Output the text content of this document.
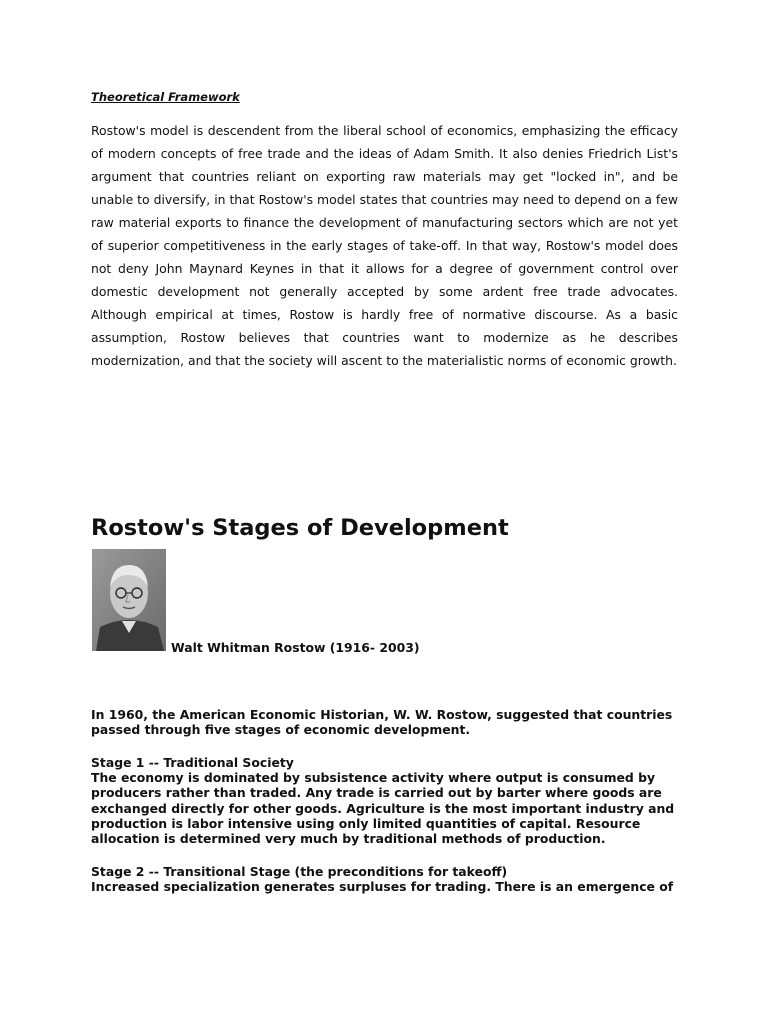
Theoretical Framework

Rostow's model is descendent from the liberal school of economics, emphasizing the efficacy of modern concepts of free trade and the ideas of Adam Smith. It also denies Friedrich List's argument that countries reliant on exporting raw materials may get "locked in", and be unable to diversify, in that Rostow's model states that countries may need to depend on a few raw material exports to finance the development of manufacturing sectors which are not yet of superior competitiveness in the early stages of take-off. In that way, Rostow's model does not deny John Maynard Keynes in that it allows for a degree of government control over domestic development not generally accepted by some ardent free trade advocates. Although empirical at times, Rostow is hardly free of normative discourse. As a basic assumption, Rostow believes that countries want to modernize as he describes modernization, and that the society will ascent to the materialistic norms of economic growth.

Rostow's Stages of Development

Walt Whitman Rostow (1916- 2003)

In 1960, the American Economic Historian, W. W. Rostow, suggested that countries passed through five stages of economic development.

Stage 1 -- Traditional Society
The economy is dominated by subsistence activity where output is consumed by producers rather than traded. Any trade is carried out by barter where goods are exchanged directly for other goods. Agriculture is the most important industry and production is labor intensive using only limited quantities of capital. Resource allocation is determined very much by traditional methods of production.

Stage 2 -- Transitional Stage (the preconditions for takeoff)
Increased specialization generates surpluses for trading. There is an emergence of
